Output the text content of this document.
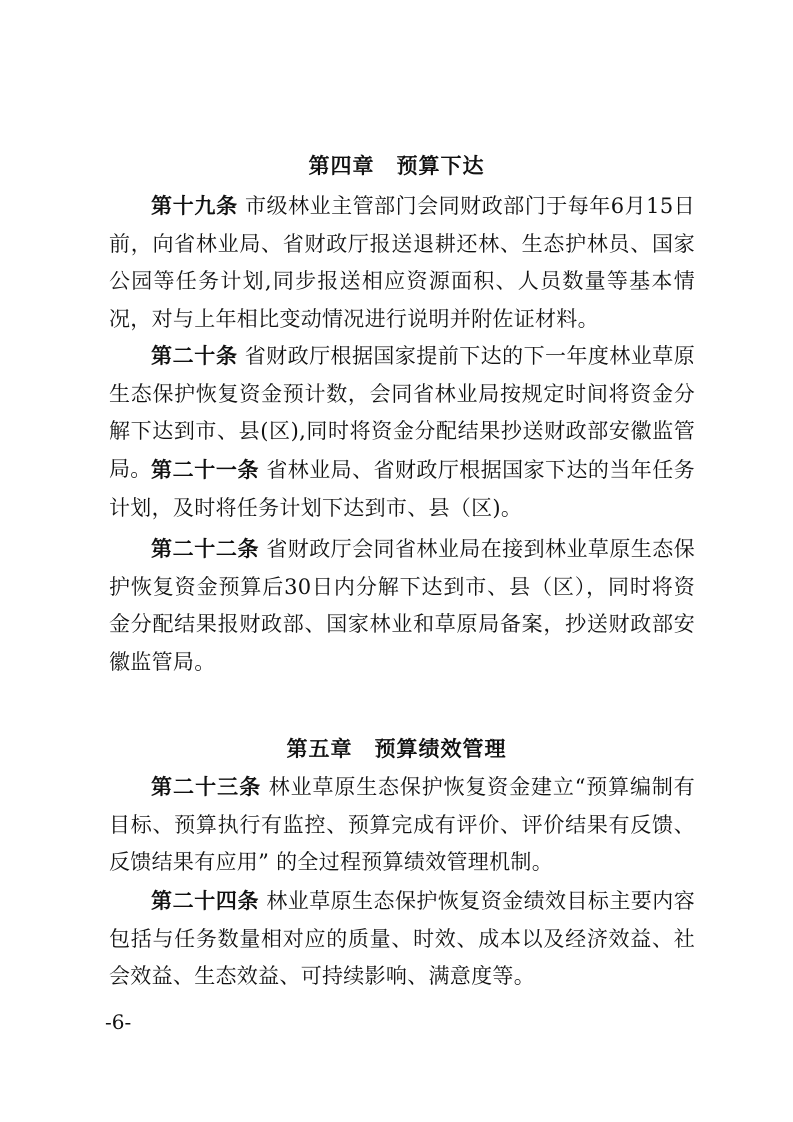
第四章　预算下达

第十九条 市级林业主管部门会同财政部门于每年6月15日前，向省林业局、省财政厅报送退耕还林、生态护林员、国家公园等任务计划,同步报送相应资源面积、人员数量等基本情况，对与上年相比变动情况进行说明并附佐证材料。

第二十条 省财政厅根据国家提前下达的下一年度林业草原生态保护恢复资金预计数，会同省林业局按规定时间将资金分解下达到市、县(区),同时将资金分配结果抄送财政部安徽监管局。 第二十一条 省林业局、省财政厅根据国家下达的当年任务计划，及时将任务计划下达到市、县（区)。

第二十二条 省财政厅会同省林业局在接到林业草原生态保护恢复资金预算后30日内分解下达到市、县（区），同时将资金分配结果报财政部、国家林业和草原局备案，抄送财政部安徽监管局。

第五章　预算绩效管理

第二十三条 林业草原生态保护恢复资金建立“预算编制有目标、预算执行有监控、预算完成有评价、评价结果有反馈、反馈结果有应用” 的全过程预算绩效管理机制。

第二十四条 林业草原生态保护恢复资金绩效目标主要内容包括与任务数量相对应的质量、时效、成本以及经济效益、社会效益、生态效益、可持续影响、满意度等。

-6-
